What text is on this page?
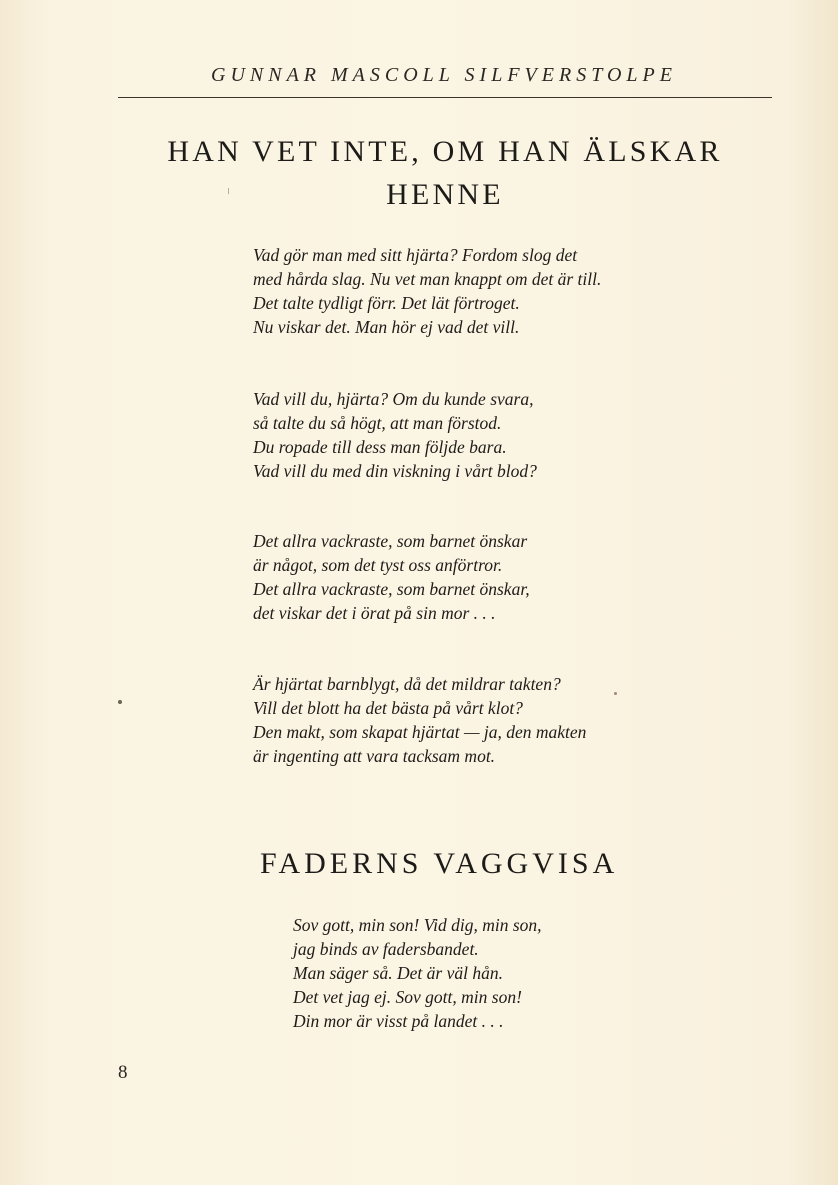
GUNNAR MASCOLL SILFVERSTOLPE
HAN VET INTE, OM HAN ÄLSKAR
HENNE
Vad gör man med sitt hjärta? Fordom slog det
med hårda slag. Nu vet man knappt om det är till.
Det talte tydligt förr. Det lät förtroget.
Nu viskar det. Man hör ej vad det vill.
Vad vill du, hjärta? Om du kunde svara,
så talte du så högt, att man förstod.
Du ropade till dess man följde bara.
Vad vill du med din viskning i vårt blod?
Det allra vackraste, som barnet önskar
är något, som det tyst oss anförtror.
Det allra vackraste, som barnet önskar,
det viskar det i örat på sin mor . . .
Är hjärtat barnblygt, då det mildrar takten?
Vill det blott ha det bästa på vårt klot?
Den makt, som skapat hjärtat — ja, den makten
är ingenting att vara tacksam mot.
FADERNS VAGGVISA
Sov gott, min son! Vid dig, min son,
jag binds av fadersbandet.
Man säger så. Det är väl hån.
Det vet jag ej. Sov gott, min son!
Din mor är visst på landet . . .
8
